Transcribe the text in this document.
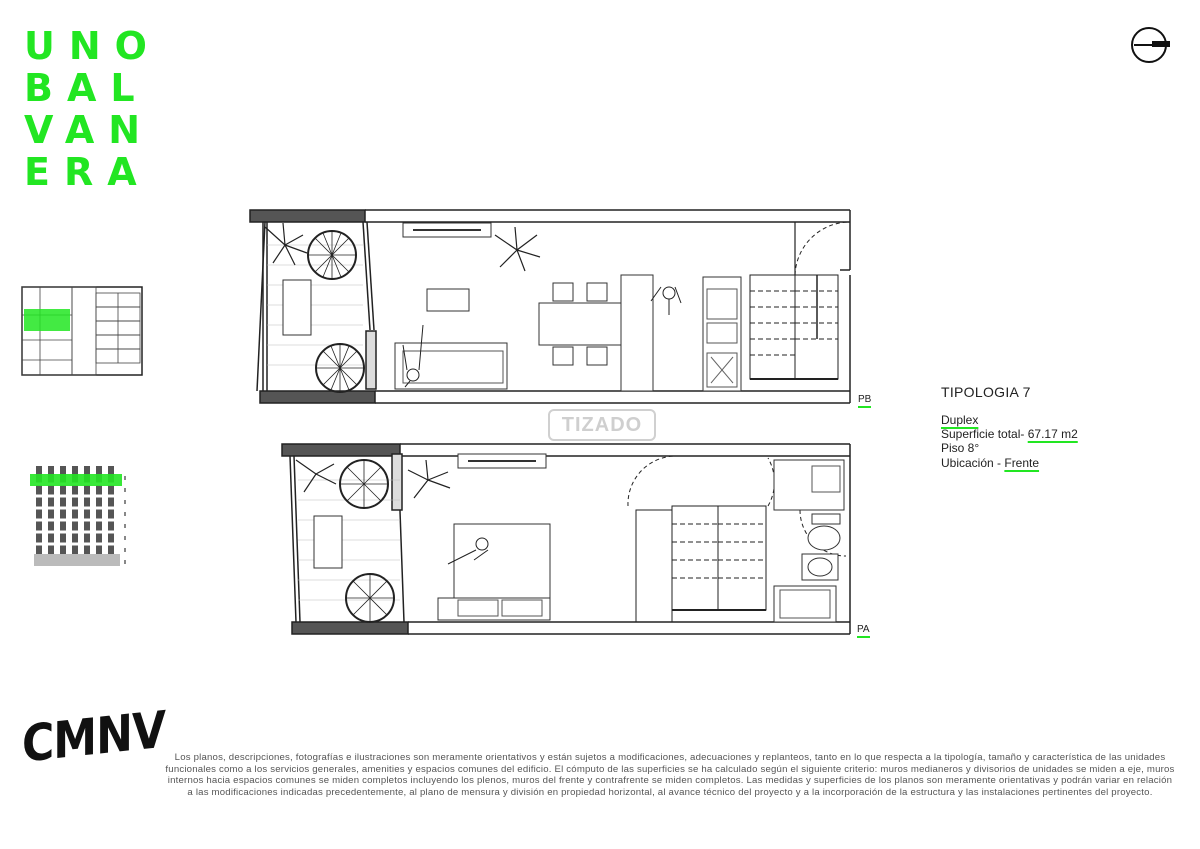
UNO
BAL
VAN
ERA
PB
PA
TIZADO
TIPOLOGIA 7
Duplex
Superficie total- 67.17 m2
Piso 8°
Ubicación - Frente
CMNV	Los planos, descripciones, fotografías e ilustraciones son meramente orientativos y están sujetos a modificaciones, adecuaciones y replanteos, tanto en lo que respecta a la tipología, tamaño y característica de las unidades funcionales como a los servicios generales, amenities y espacios comunes del edificio. El cómputo de las superficies se ha calculado según el siguiente criterio: muros medianeros y divisorios de unidades se miden a eje, muros internos hacia espacios comunes se miden completos incluyendo los plenos, muros del frente y contrafrente se miden completos. Las medidas y superficies de los planos son meramente orientativas y podrán variar en relación a las modificaciones indicadas precedentemente, al plano de mensura y división en propiedad horizontal, al avance técnico del proyecto y a la incorporación de la estructura y las instalaciones pertinentes del proyecto.
